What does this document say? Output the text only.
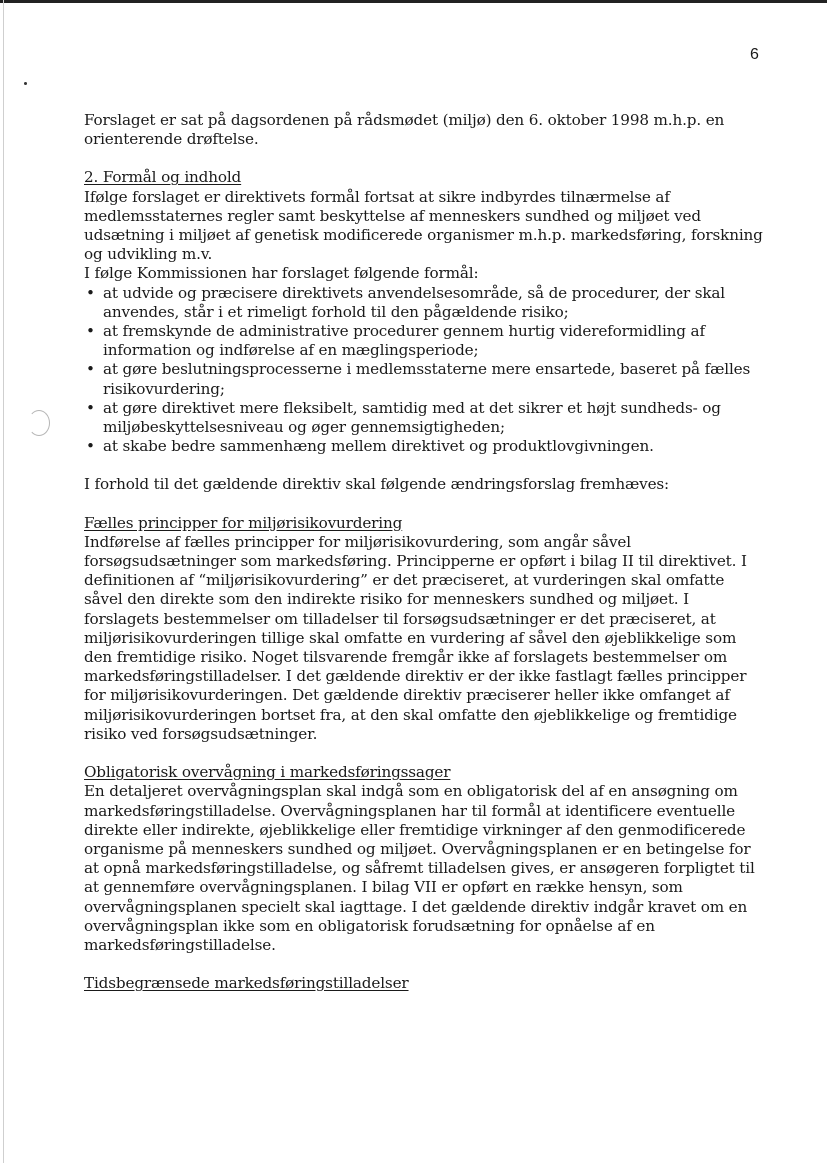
6

Forslaget er sat på dagsordenen på rådsmødet (miljø) den 6. oktober 1998 m.h.p. en orienterende drøftelse.

2. Formål og indhold

Ifølge forslaget er direktivets formål fortsat at sikre indbyrdes tilnærmelse af medlemsstaternes regler samt beskyttelse af menneskers sundhed og miljøet ved udsætning i miljøet af genetisk modificerede organismer m.h.p. markedsføring, forskning og udvikling m.v.

I følge Kommissionen har forslaget følgende formål:

• at udvide og præcisere direktivets anvendelsesområde, så de procedurer, der skal anvendes, står i et rimeligt forhold til den pågældende risiko;
• at fremskynde de administrative procedurer gennem hurtig videreformidling af information og indførelse af en mæglingsperiode;
• at gøre beslutningsprocesserne i medlemsstaterne mere ensartede, baseret på fælles risikovurdering;
• at gøre direktivet mere fleksibelt, samtidig med at det sikrer et højt sundheds- og miljøbeskyttelsesniveau og øger gennemsigtigheden;
• at skabe bedre sammenhæng mellem direktivet og produktlovgivningen.

I forhold til det gældende direktiv skal følgende ændringsforslag fremhæves:

Fælles principper for miljørisikovurdering

Indførelse af fælles principper for miljørisikovurdering, som angår såvel forsøgsudsætninger som markedsføring. Principperne er opført i bilag II til direktivet. I definitionen af “miljørisikovurdering” er det præciseret, at vurderingen skal omfatte såvel den direkte som den indirekte risiko for menneskers sundhed og miljøet. I forslagets bestemmelser om tilladelser til forsøgsudsætninger er det præciseret, at miljørisikovurderingen tillige skal omfatte en vurdering af såvel den øjeblikkelige som den fremtidige risiko. Noget tilsvarende fremgår ikke af forslagets bestemmelser om markedsføringstilladelser. I det gældende direktiv er der ikke fastlagt fælles principper for miljørisikovurderingen. Det gældende direktiv præciserer heller ikke omfanget af miljørisikovurderingen bortset fra, at den skal omfatte den øjeblikkelige og fremtidige risiko ved forsøgsudsætninger.

Obligatorisk overvågning i markedsføringssager

En detaljeret overvågningsplan skal indgå som en obligatorisk del af en ansøgning om markedsføringstilladelse. Overvågningsplanen har til formål at identificere eventuelle direkte eller indirekte, øjeblikkelige eller fremtidige virkninger af den genmodificerede organisme på menneskers sundhed og miljøet. Overvågningsplanen er en betingelse for at opnå markedsføringstilladelse, og såfremt tilladelsen gives, er ansøgeren forpligtet til at gennemføre overvågningsplanen. I bilag VII er opført en række hensyn, som overvågningsplanen specielt skal iagttage. I det gældende direktiv indgår kravet om en overvågningsplan ikke som en obligatorisk forudsætning for opnåelse af en markedsføringstilladelse.

Tidsbegrænsede markedsføringstilladelser
